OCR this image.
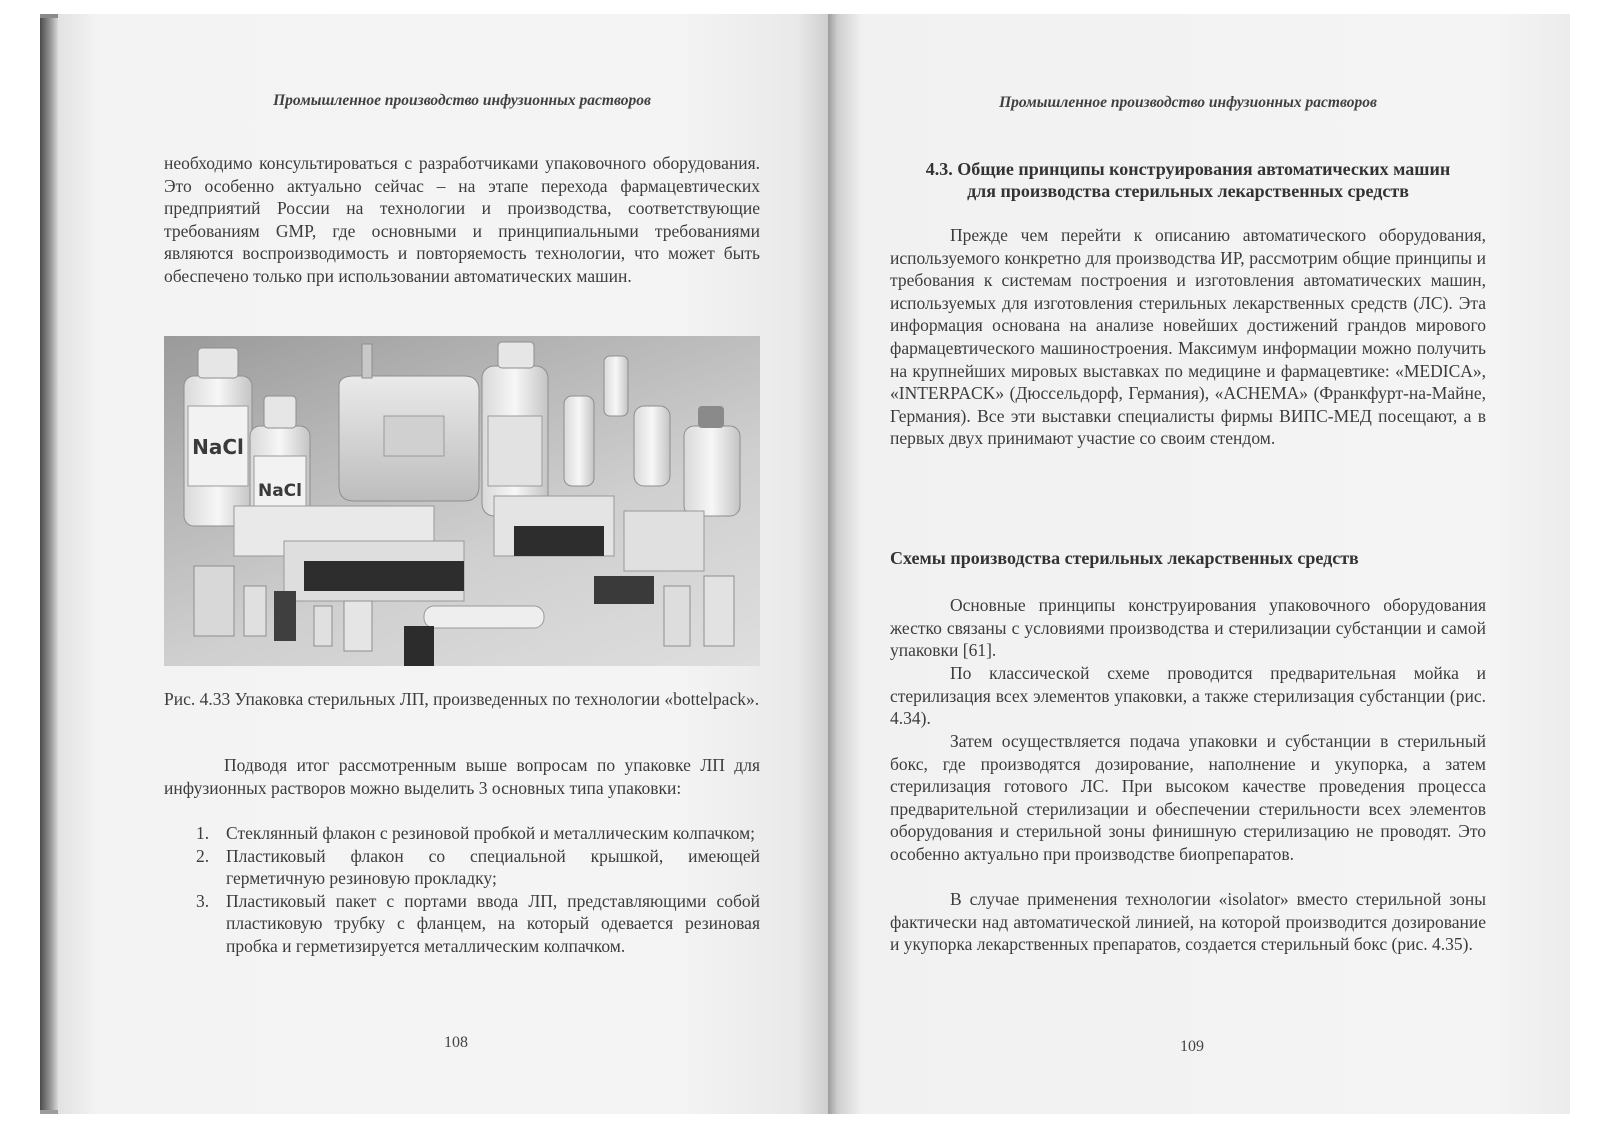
Промышленное производство инфузионных растворов

необходимо консультироваться с разработчиками упаковочного оборудования. Это особенно актуально сейчас – на этапе перехода фармацевтических предприятий России на технологии и производства, соответствующие требованиям GMP, где основными и принципиальными требованиями являются воспроизводимость и повторяемость технологии, что может быть обеспечено только при использовании автоматических машин.

NaCl
NaCl

Рис. 4.33 Упаковка стерильных ЛП, произведенных по технологии «bottelpack».

Подводя итог рассмотренным выше вопросам по упаковке ЛП для инфузионных растворов можно выделить 3 основных типа упаковки:

1. Стеклянный флакон с резиновой пробкой и металлическим колпачком;
2. Пластиковый флакон со специальной крышкой, имеющей герметичную резиновую прокладку;
3. Пластиковый пакет с портами ввода ЛП, представляющими собой пластиковую трубку с фланцем, на который одевается резиновая пробка и герметизируется металлическим колпачком.
108
Промышленное производство инфузионных растворов
4.3. Общие принципы конструирования автоматических машин
для производства стерильных лекарственных средств

Прежде чем перейти к описанию автоматического оборудования, используемого конкретно для производства ИР, рассмотрим общие принципы и требования к системам построения и изготовления автоматических машин, используемых для изготовления стерильных лекарственных средств (ЛС). Эта информация основана на анализе новейших достижений грандов мирового фармацевтического машиностроения. Максимум информации можно получить на крупнейших мировых выставках по медицине и фармацевтике: «MEDICA», «INTERPACK» (Дюссельдорф, Германия), «ACHEMA» (Франкфурт-на-Майне, Германия). Все эти выставки специалисты фирмы ВИПС-МЕД посещают, а в первых двух принимают участие со своим стендом.

Схемы производства стерильных лекарственных средств

Основные принципы конструирования упаковочного оборудования жестко связаны с условиями производства и стерилизации субстанции и самой упаковки [61].

По классической схеме проводится предварительная мойка и стерилизация всех элементов упаковки, а также стерилизация субстанции (рис. 4.34).

Затем осуществляется подача упаковки и субстанции в стерильный бокс, где производятся дозирование, наполнение и укупорка, а затем стерилизация готового ЛС. При высоком качестве проведения процесса предварительной стерилизации и обеспечении стерильности всех элементов оборудования и стерильной зоны финишную стерилизацию не проводят. Это особенно актуально при производстве биопрепаратов.

В случае применения технологии «isolator» вместо стерильной зоны фактически над автоматической линией, на которой производится дозирование и укупорка лекарственных препаратов, создается стерильный бокс (рис. 4.35).

109
